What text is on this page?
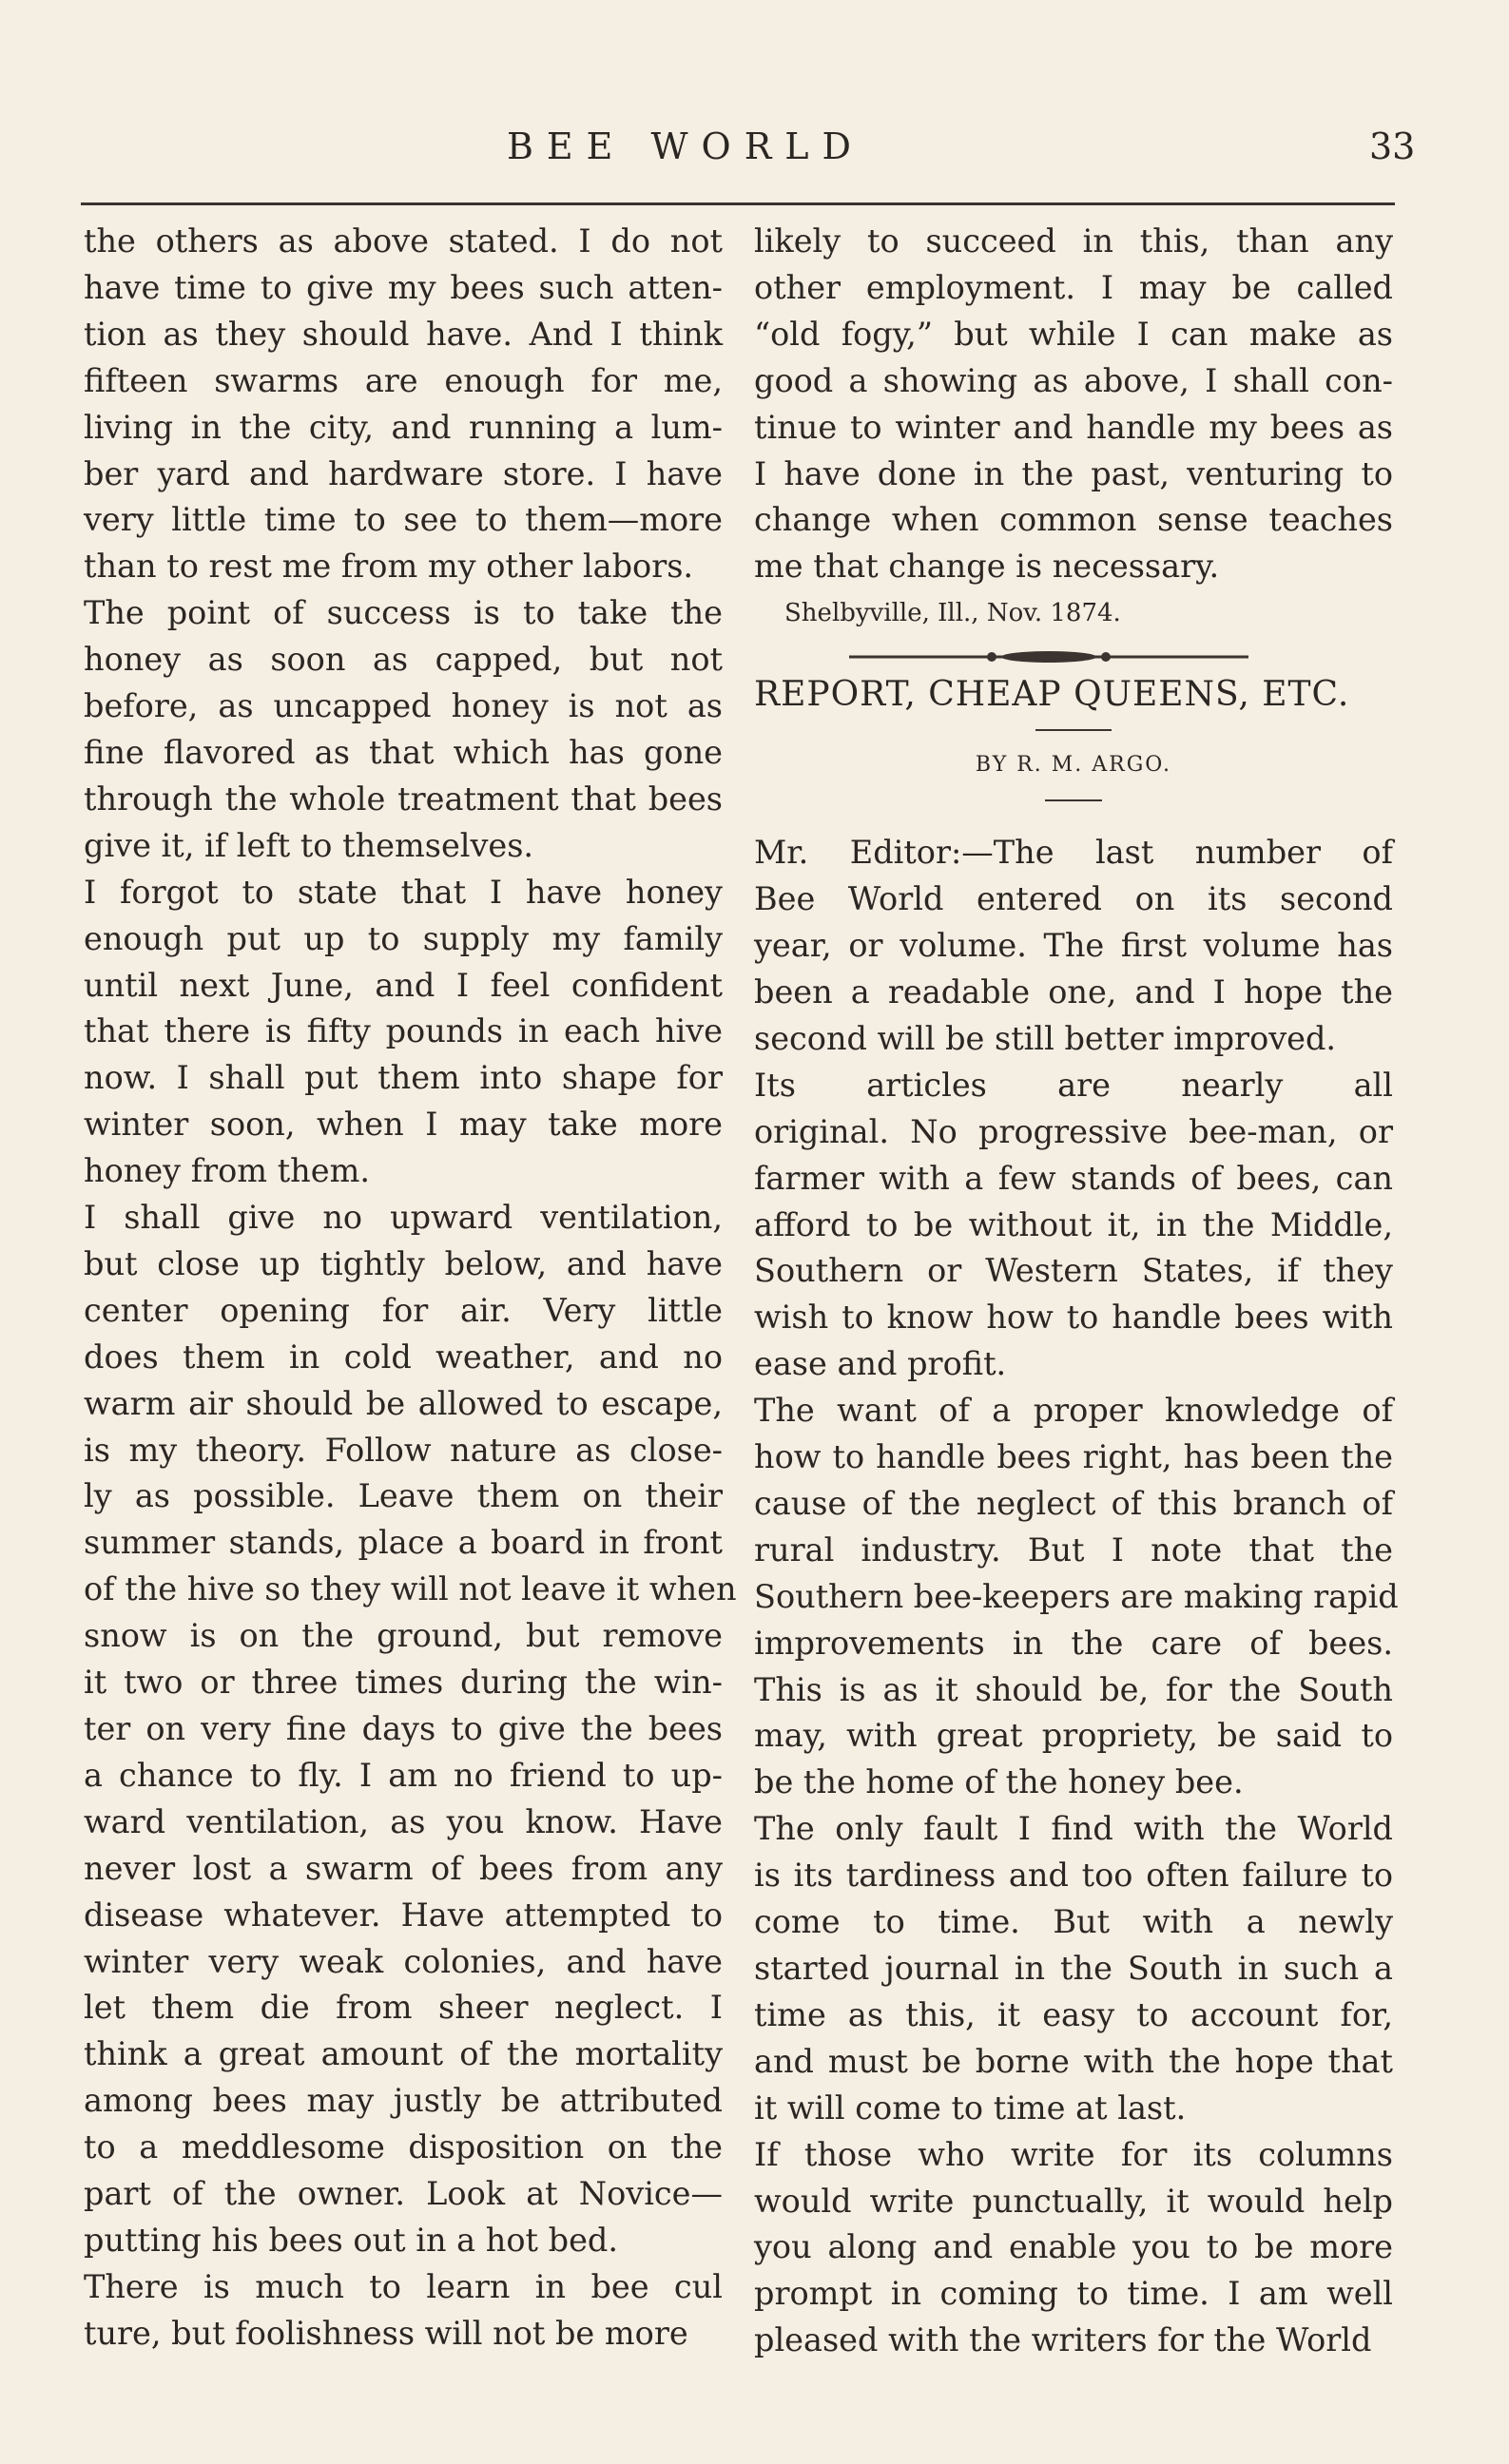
BEE WORLD	33
the others as above stated. I do not
have time to give my bees such atten-
tion as they should have. And I think
fifteen swarms are enough for me,
living in the city, and running a lum-
ber yard and hardware store. I have
very little time to see to them—more
than to rest me from my other labors.
The point of success is to take the
honey as soon as capped, but not
before, as uncapped honey is not as
fine flavored as that which has gone
through the whole treatment that bees
give it, if left to themselves.
I forgot to state that I have honey
enough put up to supply my family
until next June, and I feel confident
that there is fifty pounds in each hive
now. I shall put them into shape for
winter soon, when I may take more
honey from them.
I shall give no upward ventilation,
but close up tightly below, and have
center opening for air. Very little
does them in cold weather, and no
warm air should be allowed to escape,
is my theory. Follow nature as close-
ly as possible. Leave them on their
summer stands, place a board in front
of the hive so they will not leave it when
snow is on the ground, but remove
it two or three times during the win-
ter on very fine days to give the bees
a chance to fly. I am no friend to up-
ward ventilation, as you know. Have
never lost a swarm of bees from any
disease whatever. Have attempted to
winter very weak colonies, and have
let them die from sheer neglect. I
think a great amount of the mortality
among bees may justly be attributed
to a meddlesome disposition on the
part of the owner. Look at Novice—
putting his bees out in a hot bed.
There is much to learn in bee cul
ture, but foolishness will not be more
likely to succeed in this, than any
other employment. I may be called
“old fogy,” but while I can make as
good a showing as above, I shall con-
tinue to winter and handle my bees as
I have done in the past, venturing to
change when common sense teaches
me that change is necessary.
Shelbyville, Ill., Nov. 1874.
REPORT, CHEAP QUEENS, ETC.
BY R. M. ARGO.
Mr. Editor:—The last number of
Bee World entered on its second
year, or volume. The first volume has
been a readable one, and I hope the
second will be still better improved.
Its articles are nearly all
original. No progressive bee-man, or
farmer with a few stands of bees, can
afford to be without it, in the Middle,
Southern or Western States, if they
wish to know how to handle bees with
ease and profit.
The want of a proper knowledge of
how to handle bees right, has been the
cause of the neglect of this branch of
rural industry. But I note that the
Southern bee-keepers are making rapid
improvements in the care of bees.
This is as it should be, for the South
may, with great propriety, be said to
be the home of the honey bee.
The only fault I find with the World
is its tardiness and too often failure to
come to time. But with a newly
started journal in the South in such a
time as this, it easy to account for,
and must be borne with the hope that
it will come to time at last.
If those who write for its columns
would write punctually, it would help
you along and enable you to be more
prompt in coming to time. I am well
pleased with the writers for the World
